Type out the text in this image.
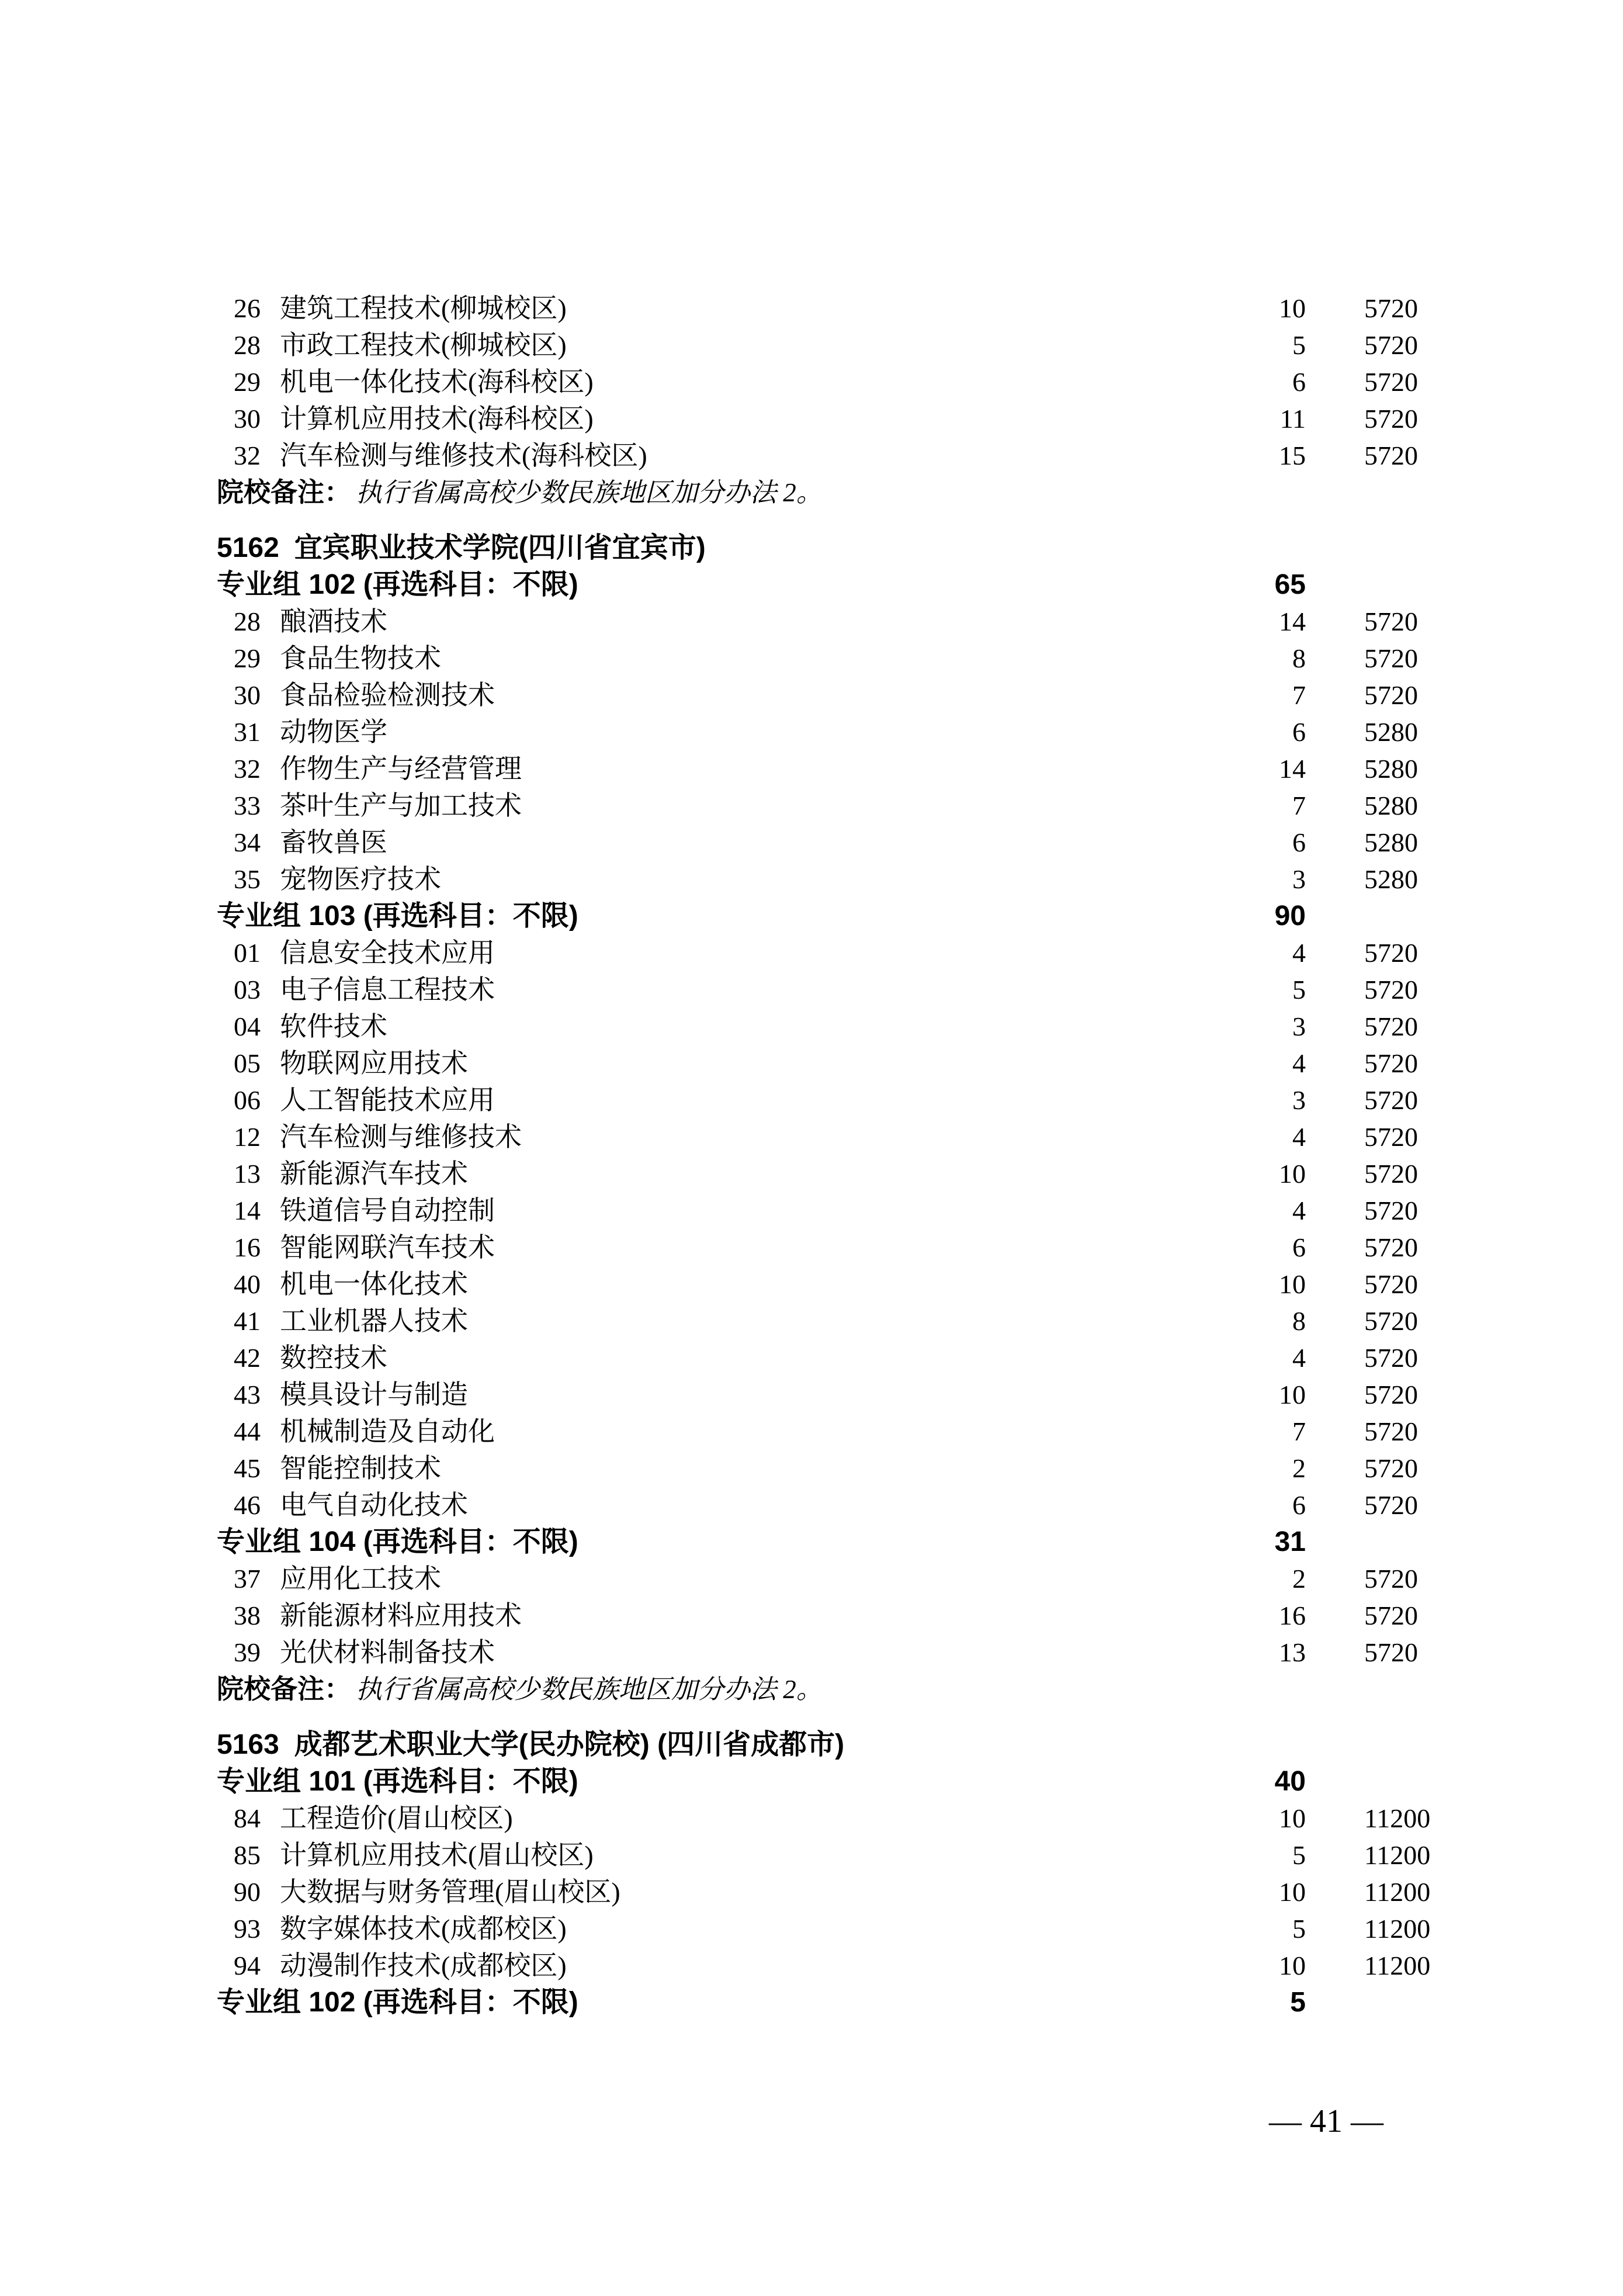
26 建筑工程技术(柳城校区)	10 5720
28 市政工程技术(柳城校区)	5 5720
29 机电一体化技术(海科校区)	6 5720
30 计算机应用技术(海科校区)	11 5720
32 汽车检测与维修技术(海科校区)	15 5720
院校备注： 执行省属高校少数民族地区加分办法 2。
5162 宜宾职业技术学院(四川省宜宾市)
专业组 102 (再选科目：不限)	65
28 酿酒技术	14 5720
29 食品生物技术	8 5720
30 食品检验检测技术	7 5720
31 动物医学	6 5280
32 作物生产与经营管理	14 5280
33 茶叶生产与加工技术	7 5280
34 畜牧兽医	6 5280
35 宠物医疗技术	3 5280
专业组 103 (再选科目：不限)	90
01 信息安全技术应用	4 5720
03 电子信息工程技术	5 5720
04 软件技术	3 5720
05 物联网应用技术	4 5720
06 人工智能技术应用	3 5720
12 汽车检测与维修技术	4 5720
13 新能源汽车技术	10 5720
14 铁道信号自动控制	4 5720
16 智能网联汽车技术	6 5720
40 机电一体化技术	10 5720
41 工业机器人技术	8 5720
42 数控技术	4 5720
43 模具设计与制造	10 5720
44 机械制造及自动化	7 5720
45 智能控制技术	2 5720
46 电气自动化技术	6 5720
专业组 104 (再选科目：不限)	31
37 应用化工技术	2 5720
38 新能源材料应用技术	16 5720
39 光伏材料制备技术	13 5720
院校备注： 执行省属高校少数民族地区加分办法 2。
5163 成都艺术职业大学(民办院校) (四川省成都市)
专业组 101 (再选科目：不限)	40
84 工程造价(眉山校区)	10 11200
85 计算机应用技术(眉山校区)	5 11200
90 大数据与财务管理(眉山校区)	10 11200
93 数字媒体技术(成都校区)	5 11200
94 动漫制作技术(成都校区)	10 11200
专业组 102 (再选科目：不限)	5
— 41 —
